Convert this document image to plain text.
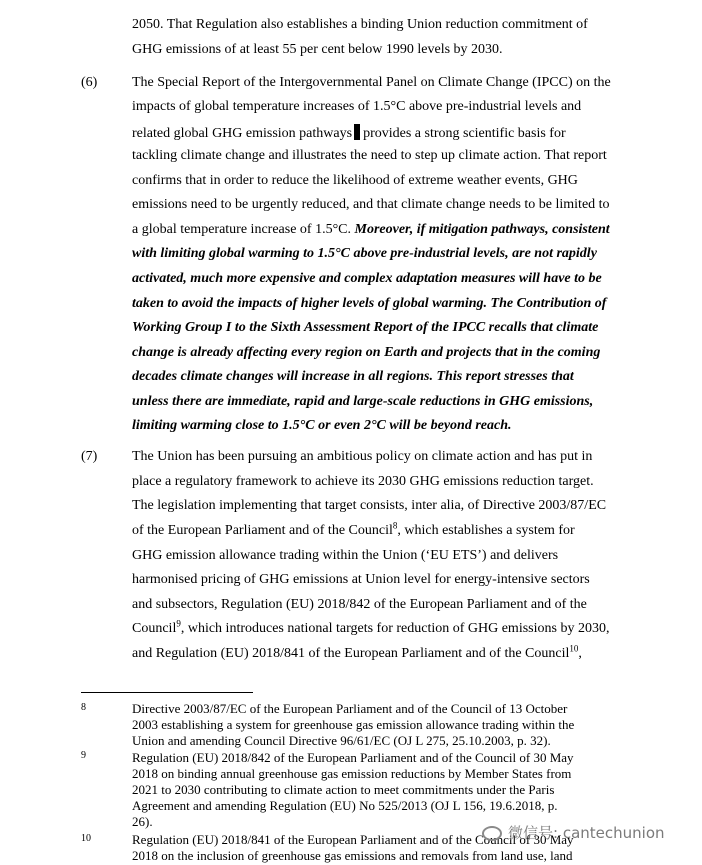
2050. That Regulation also establishes a binding Union reduction commitment of
GHG emissions of at least 55 per cent below 1990 levels by 2030.
(6) The Special Report of the Intergovernmental Panel on Climate Change (IPCC) on the
impacts of global temperature increases of 1.5°C above pre-industrial levels and
related global GHG emission pathways provides a strong scientific basis for
tackling climate change and illustrates the need to step up climate action. That report
confirms that in order to reduce the likelihood of extreme weather events, GHG
emissions need to be urgently reduced, and that climate change needs to be limited to
a global temperature increase of 1.5°C. Moreover, if mitigation pathways, consistent
with limiting global warming to 1.5°C above pre-industrial levels, are not rapidly
activated, much more expensive and complex adaptation measures will have to be
taken to avoid the impacts of higher levels of global warming. The Contribution of
Working Group I to the Sixth Assessment Report of the IPCC recalls that climate
change is already affecting every region on Earth and projects that in the coming
decades climate changes will increase in all regions. This report stresses that
unless there are immediate, rapid and large-scale reductions in GHG emissions,
limiting warming close to 1.5°C or even 2°C will be beyond reach.
(7) The Union has been pursuing an ambitious policy on climate action and has put in
place a regulatory framework to achieve its 2030 GHG emissions reduction target.
The legislation implementing that target consists, inter alia, of Directive 2003/87/EC
of the European Parliament and of the Council$^8$, which establishes a system for
GHG emission allowance trading within the Union (‘EU ETS’) and delivers
harmonised pricing of GHG emissions at Union level for energy-intensive sectors
and subsectors, Regulation (EU) 2018/842 of the European Parliament and of the
Council$^9$, which introduces national targets for reduction of GHG emissions by 2030,
and Regulation (EU) 2018/841 of the European Parliament and of the Council$^{10}$,
8	Directive 2003/87/EC of the European Parliament and of the Council of 13 October
2003 establishing a system for greenhouse gas emission allowance trading within the
Union and amending Council Directive 96/61/EC (OJ L 275, 25.10.2003, p. 32).
9	Regulation (EU) 2018/842 of the European Parliament and of the Council of 30 May
2018 on binding annual greenhouse gas emission reductions by Member States from
2021 to 2030 contributing to climate action to meet commitments under the Paris
Agreement and amending Regulation (EU) No 525/2013 (OJ L 156, 19.6.2018, p.
26).
10	Regulation (EU) 2018/841 of the European Parliament and of the Council of 30 May
2018 on the inclusion of greenhouse gas emissions and removals from land use, land
微信号: cantechunion
